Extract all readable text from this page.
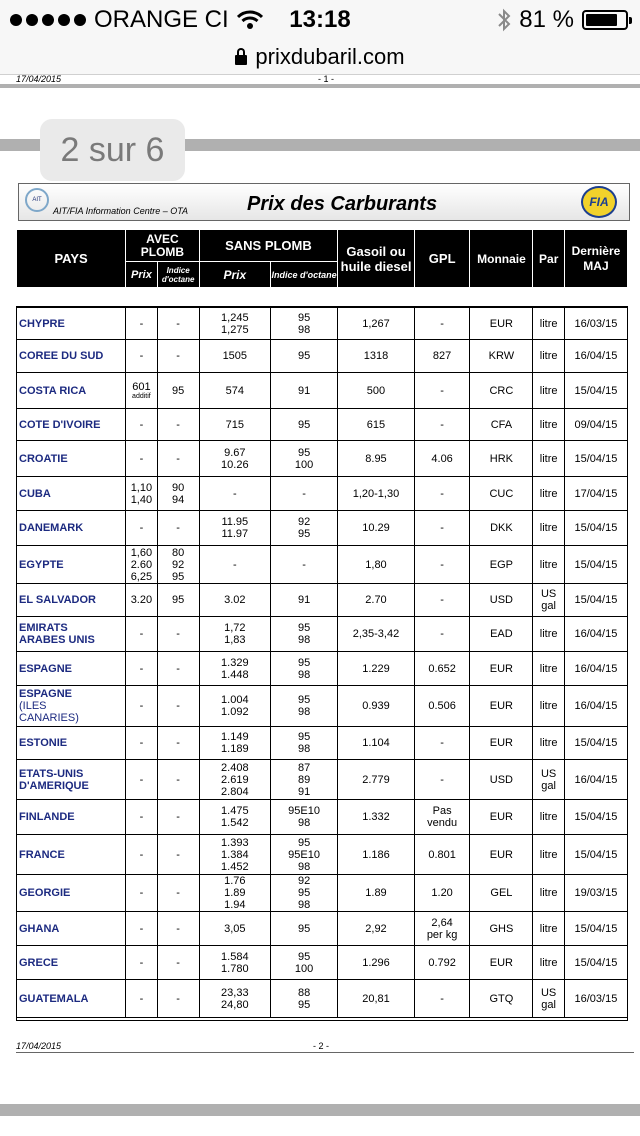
ORANGE CI	13:18	81 %
prixdubaril.com
17/04/2015	- 1 -
2 sur 6
AIT
AIT/FIA Information Centre – OTA	Prix des Carburants	FIA
PAYS	AVEC PLOMB		SANS PLOMB		Gasoil ou huile diesel	GPL	Monnaie	Par	Dernière MAJ
	Prix	Indice d'octane	Prix	Indice d'octane					

CHYPRE	-	-	1,245
1,275	95
98	1,267	-	EUR	litre	16/03/15
COREE DU SUD	-	-	1505	95	1318	827	KRW	litre	16/04/15
COSTA RICA	601
additif	95	574	91	500	-	CRC	litre	15/04/15
COTE D'IVOIRE	-	-	715	95	615	-	CFA	litre	09/04/15
CROATIE	-	-	9.67
10.26	95
100	8.95	4.06	HRK	litre	15/04/15
CUBA	1,10
1,40	90
94	-	-	1,20-1,30	-	CUC	litre	17/04/15
DANEMARK	-	-	11.95
11.97	92
95	10.29	-	DKK	litre	15/04/15
EGYPTE	1,60
2.60
6,25	80
92
95	-	-	1,80	-	EGP	litre	15/04/15
EL SALVADOR	3.20	95	3.02	91	2.70	-	USD	US
gal	15/04/15
EMIRATS
ARABES UNIS	-	-	1,72
1,83	95
98	2,35-3,42	-	EAD	litre	16/04/15
ESPAGNE	-	-	1.329
1.448	95
98	1.229	0.652	EUR	litre	16/04/15
ESPAGNE
(ILES
CANARIES)	-	-	1.004
1.092	95
98	0.939	0.506	EUR	litre	16/04/15
ESTONIE	-	-	1.149
1.189	95
98	1.104	-	EUR	litre	15/04/15
ETATS-UNIS
D'AMERIQUE	-	-	2.408
2.619
2.804	87
89
91	2.779	-	USD	US
gal	16/04/15
FINLANDE	-	-	1.475
1.542	95E10
98	1.332	Pas
vendu	EUR	litre	15/04/15
FRANCE	-	-	1.393
1.384
1.452	95
95E10
98	1.186	0.801	EUR	litre	15/04/15
GEORGIE	-	-	1.76
1.89
1.94	92
95
98	1.89	1.20	GEL	litre	19/03/15
GHANA	-	-	3,05	95	2,92	2,64
per kg	GHS	litre	15/04/15
GRECE	-	-	1.584
1.780	95
100	1.296	0.792	EUR	litre	15/04/15
GUATEMALA	-	-	23,33
24,80	88
95	20,81	-	GTQ	US
gal	16/03/15

17/04/2015	- 2 -
